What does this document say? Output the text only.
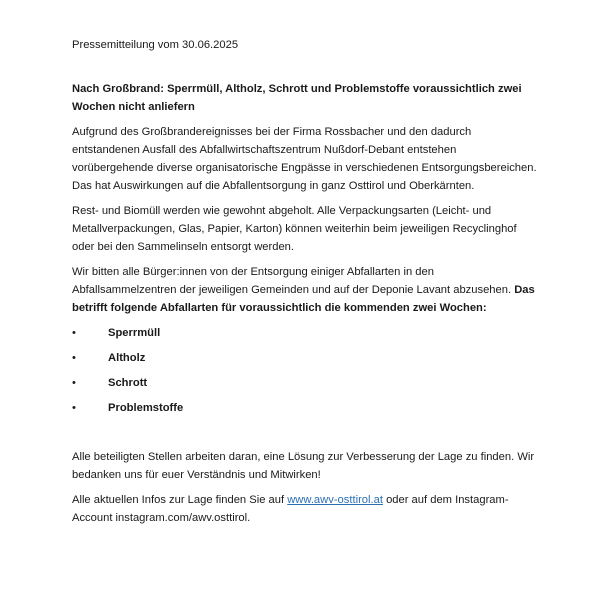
Pressemitteilung vom 30.06.2025
Nach Großbrand: Sperrmüll, Altholz, Schrott und Problemstoffe voraussichtlich zwei Wochen nicht anliefern

Aufgrund des Großbrandereignisses bei der Firma Rossbacher und den dadurch entstandenen Ausfall des Abfallwirtschaftszentrum Nußdorf-Debant entstehen vorübergehende diverse organisatorische Engpässe in verschiedenen Entsorgungsbereichen. Das hat Auswirkungen auf die Abfallentsorgung in ganz Osttirol und Oberkärnten.

Rest- und Biomüll werden wie gewohnt abgeholt. Alle Verpackungsarten (Leicht- und Metallverpackungen, Glas, Papier, Karton) können weiterhin beim jeweiligen Recyclinghof oder bei den Sammelinseln entsorgt werden.

Wir bitten alle Bürger:innen von der Entsorgung einiger Abfallarten in den Abfallsammelzentren der jeweiligen Gemeinden und auf der Deponie Lavant abzusehen. Das betrifft folgende Abfallarten für voraussichtlich die kommenden zwei Wochen:

•	Sperrmüll
•	Altholz
•	Schrott
•	Problemstoffe

Alle beteiligten Stellen arbeiten daran, eine Lösung zur Verbesserung der Lage zu finden. Wir bedanken uns für euer Verständnis und Mitwirken!

Alle aktuellen Infos zur Lage finden Sie auf www.awv-osttirol.at oder auf dem Instagram-Account instagram.com/awv.osttirol.
